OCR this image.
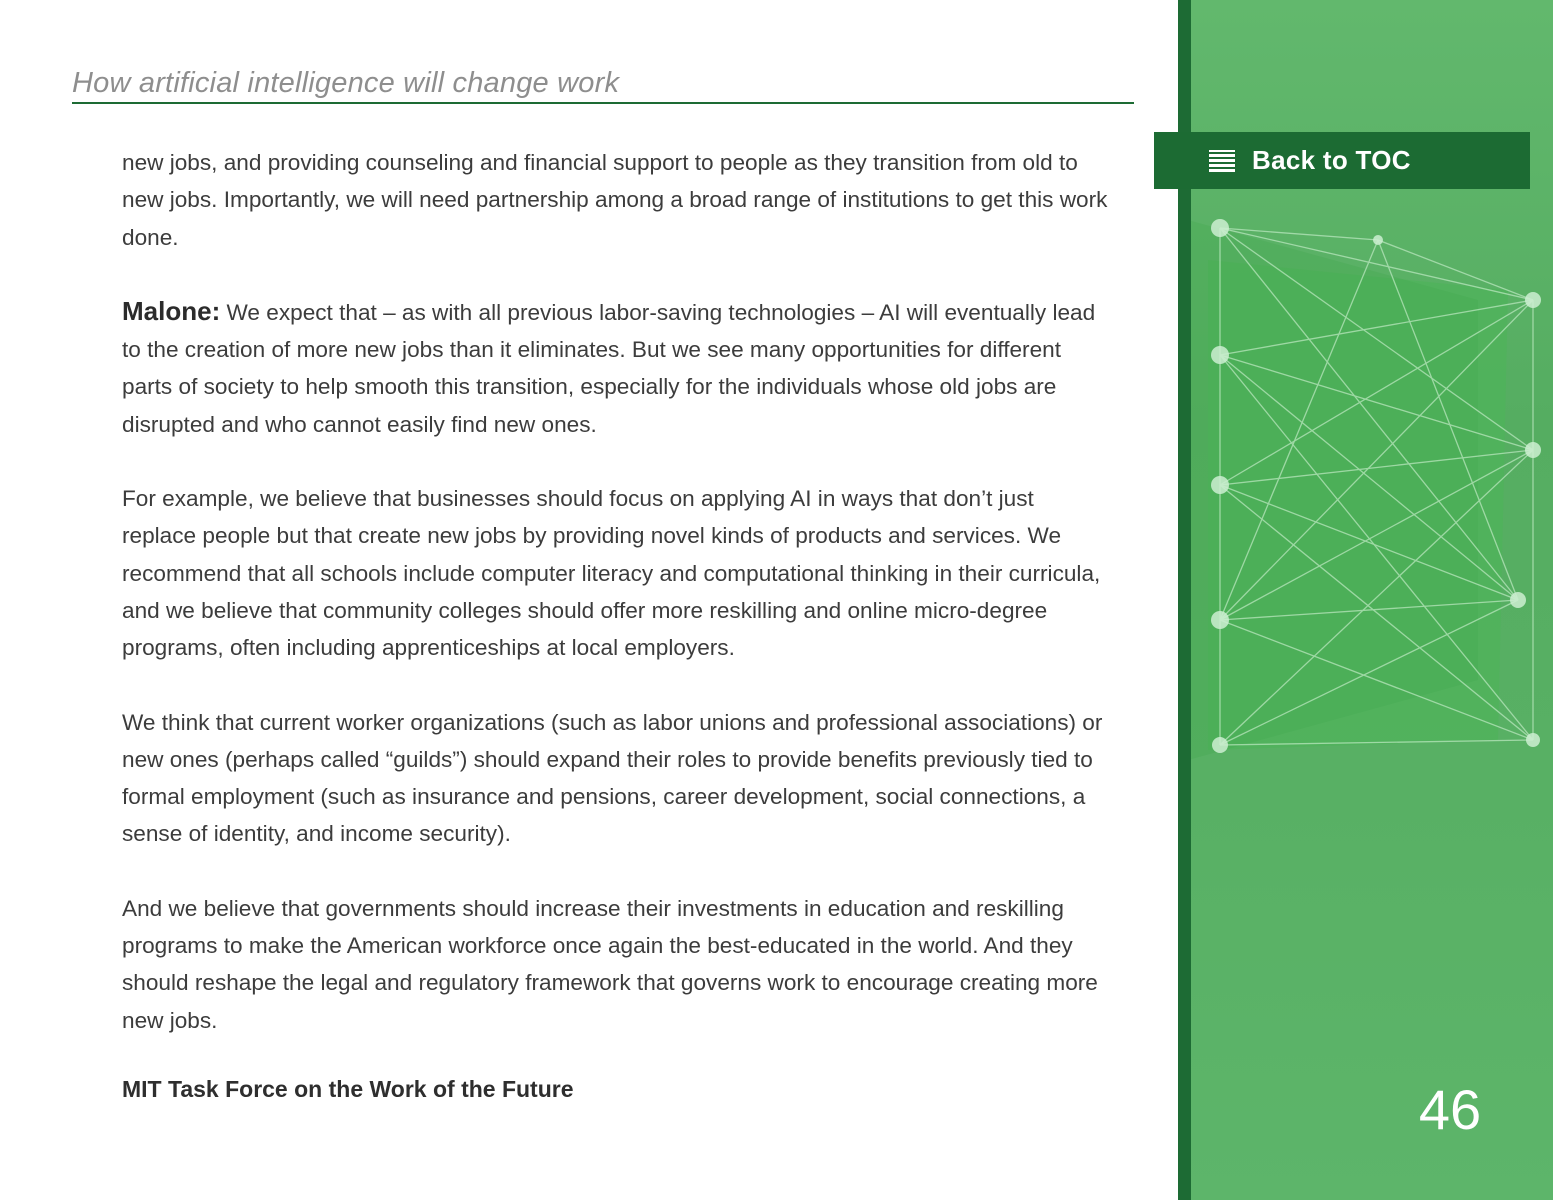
How artificial intelligence will change work

new jobs, and providing counseling and financial support to people as they transition from old to new jobs. Importantly, we will need partnership among a broad range of institutions to get this work done.

Malone: We expect that – as with all previous labor-saving technologies – AI will eventually lead to the creation of more new jobs than it eliminates. But we see many opportunities for different parts of society to help smooth this transition, especially for the individuals whose old jobs are disrupted and who cannot easily find new ones.

For example, we believe that businesses should focus on applying AI in ways that don’t just replace people but that create new jobs by providing novel kinds of products and services. We recommend that all schools include computer literacy and computational thinking in their curricula, and we believe that community colleges should offer more reskilling and online micro-degree programs, often including apprenticeships at local employers.

We think that current worker organizations (such as labor unions and professional associations) or new ones (perhaps called “guilds”) should expand their roles to provide benefits previously tied to formal employment (such as insurance and pensions, career development, social connections, a sense of identity, and income security).

And we believe that governments should increase their investments in education and reskilling programs to make the American workforce once again the best-educated in the world. And they should reshape the legal and regulatory framework that governs work to encourage creating more new jobs.

MIT Task Force on the Work of the Future

Back to TOC
46
